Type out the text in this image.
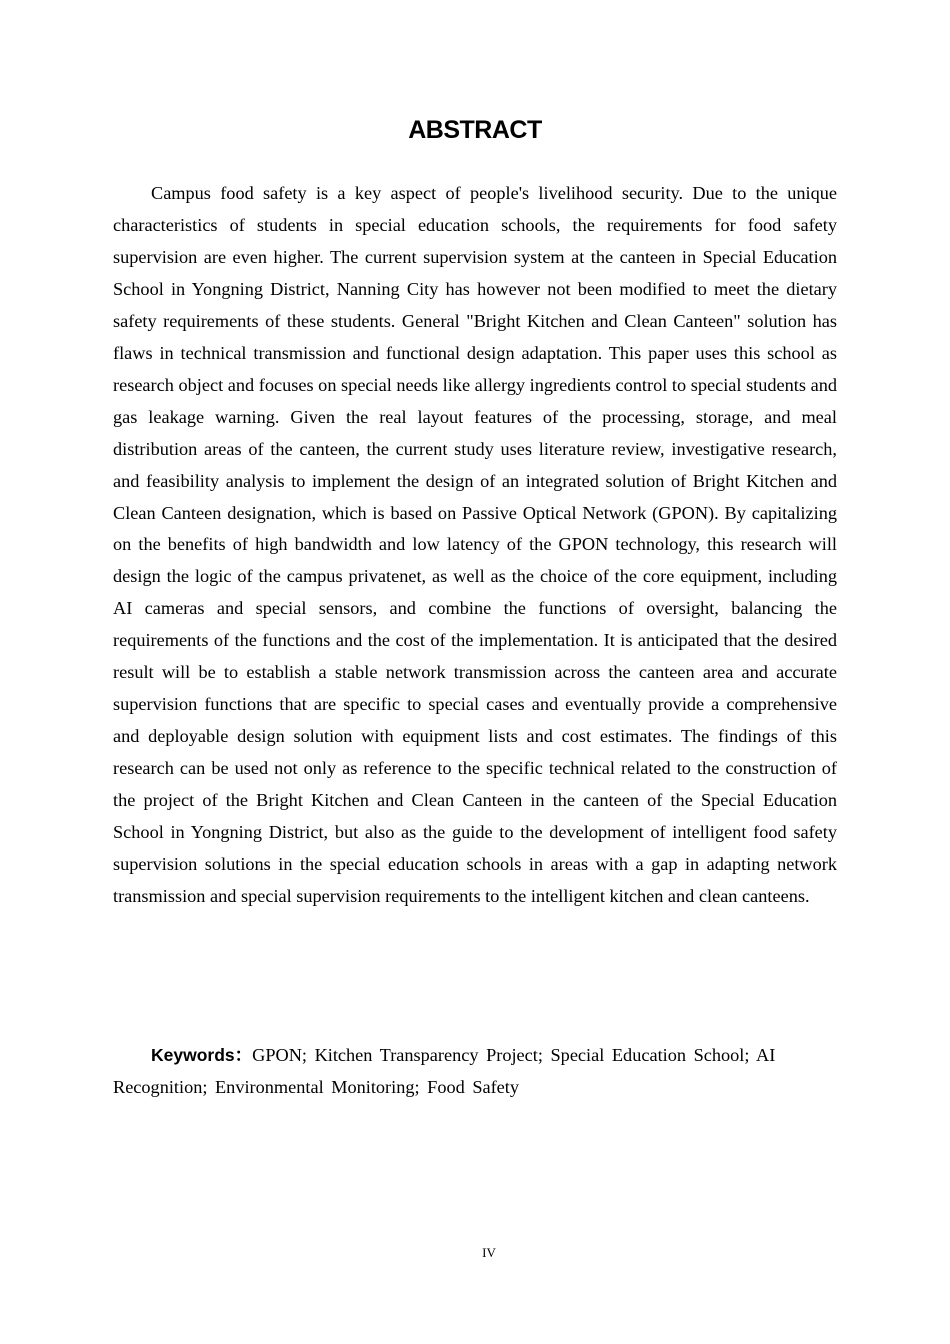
ABSTRACT

Campus food safety is a key aspect of people's livelihood security. Due to the unique characteristics of students in special education schools, the requirements for food safety supervision are even higher. The current supervision system at the canteen in Special Education School in Yongning District, Nanning City has however not been modified to meet the dietary safety requirements of these students. General "Bright Kitchen and Clean Canteen" solution has flaws in technical transmission and functional design adaptation. This paper uses this school as research object and focuses on special needs like allergy ingredients control to special students and gas leakage warning. Given the real layout features of the processing, storage, and meal distribution areas of the canteen, the current study uses literature review, investigative research, and feasibility analysis to implement the design of an integrated solution of Bright Kitchen and Clean Canteen designation, which is based on Passive Optical Network (GPON). By capitalizing on the benefits of high bandwidth and low latency of the GPON technology, this research will design the logic of the campus privatenet, as well as the choice of the core equipment, including AI cameras and special sensors, and combine the functions of oversight, balancing the requirements of the functions and the cost of the implementation. It is anticipated that the desired result will be to establish a stable network transmission across the canteen area and accurate supervision functions that are specific to special cases and eventually provide a comprehensive and deployable design solution with equipment lists and cost estimates. The findings of this research can be used not only as reference to the specific technical related to the construction of the project of the Bright Kitchen and Clean Canteen in the canteen of the Special Education School in Yongning District, but also as the guide to the development of intelligent food safety supervision solutions in the special education schools in areas with a gap in adapting network transmission and special supervision requirements to the intelligent kitchen and clean canteens.

Keywords：GPON; Kitchen Transparency Project; Special Education School; AI Recognition; Environmental Monitoring; Food Safety

IV
